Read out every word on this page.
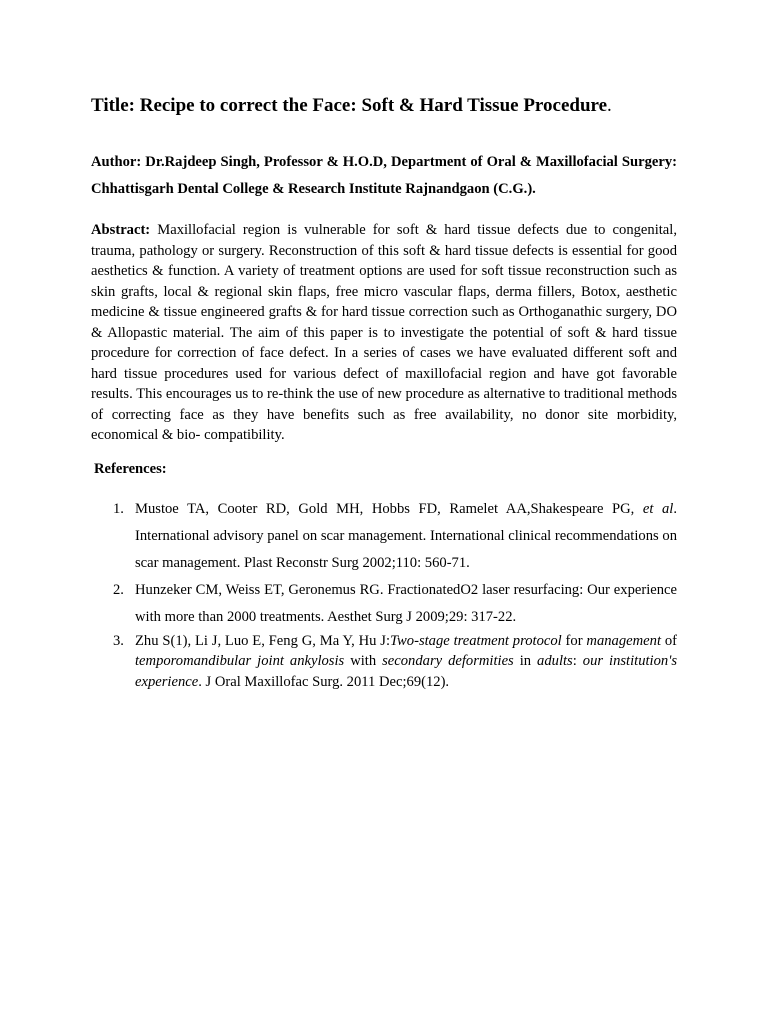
Title: Recipe to correct the Face: Soft & Hard Tissue Procedure.

Author: Dr.Rajdeep Singh, Professor & H.O.D, Department of Oral & Maxillofacial Surgery: Chhattisgarh Dental College & Research Institute Rajnandgaon (C.G.).

Abstract: Maxillofacial region is vulnerable for soft & hard tissue defects due to congenital, trauma, pathology or surgery. Reconstruction of this soft & hard tissue defects is essential for good aesthetics & function. A variety of treatment options are used for soft tissue reconstruction such as skin grafts, local & regional skin flaps, free micro vascular flaps, derma fillers, Botox, aesthetic medicine & tissue engineered grafts & for hard tissue correction such as Orthoganathic surgery, DO & Allopastic material. The aim of this paper is to investigate the potential of soft & hard tissue procedure for correction of face defect. In a series of cases we have evaluated different soft and hard tissue procedures used for various defect of maxillofacial region and have got favorable results. This encourages us to re-think the use of new procedure as alternative to traditional methods of correcting face as they have benefits such as free availability, no donor site morbidity, economical & bio- compatibility.

References:
1. Mustoe TA, Cooter RD, Gold MH, Hobbs FD, Ramelet AA,Shakespeare PG, et al. International advisory panel on scar management. International clinical recommendations on scar management. Plast Reconstr Surg 2002;110: 560-71.
2. Hunzeker CM, Weiss ET, Geronemus RG. FractionatedO2 laser resurfacing: Our experience with more than 2000 treatments. Aesthet Surg J 2009;29: 317-22.
3. Zhu S(1), Li J, Luo E, Feng G, Ma Y, Hu J:Two-stage treatment protocol for management of temporomandibular joint ankylosis with secondary deformities in adults: our institution's experience. J Oral Maxillofac Surg. 2011 Dec;69(12).
